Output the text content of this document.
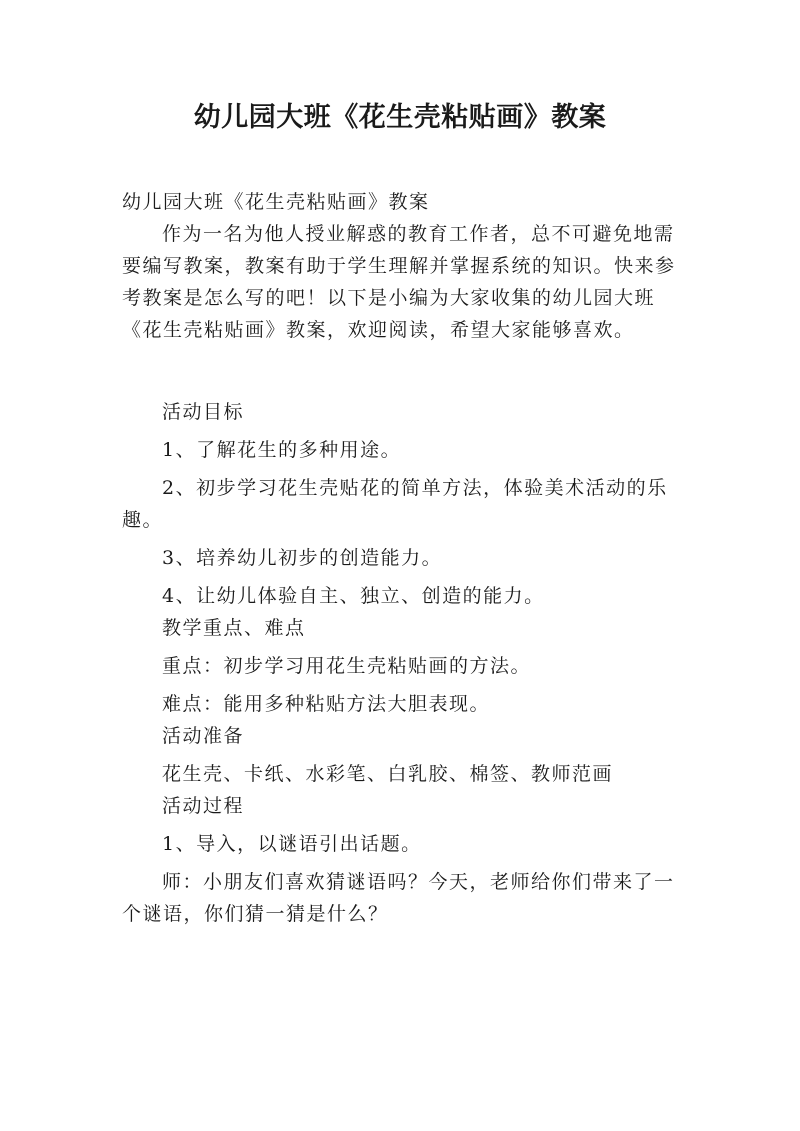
幼儿园大班《花生壳粘贴画》教案

幼儿园大班《花生壳粘贴画》教案

作为一名为他人授业解惑的教育工作者，总不可避免地需要编写教案，教案有助于学生理解并掌握系统的知识。快来参考教案是怎么写的吧！以下是小编为大家收集的幼儿园大班《花生壳粘贴画》教案，欢迎阅读，希望大家能够喜欢。

活动目标

1、了解花生的多种用途。

2、初步学习花生壳贴花的简单方法，体验美术活动的乐趣。

3、培养幼儿初步的创造能力。

4、让幼儿体验自主、独立、创造的能力。

教学重点、难点

重点：初步学习用花生壳粘贴画的方法。

难点：能用多种粘贴方法大胆表现。

活动准备

花生壳、卡纸、水彩笔、白乳胶、棉签、教师范画

活动过程

1、导入，以谜语引出话题。

师：小朋友们喜欢猜谜语吗？今天，老师给你们带来了一个谜语，你们猜一猜是什么？
